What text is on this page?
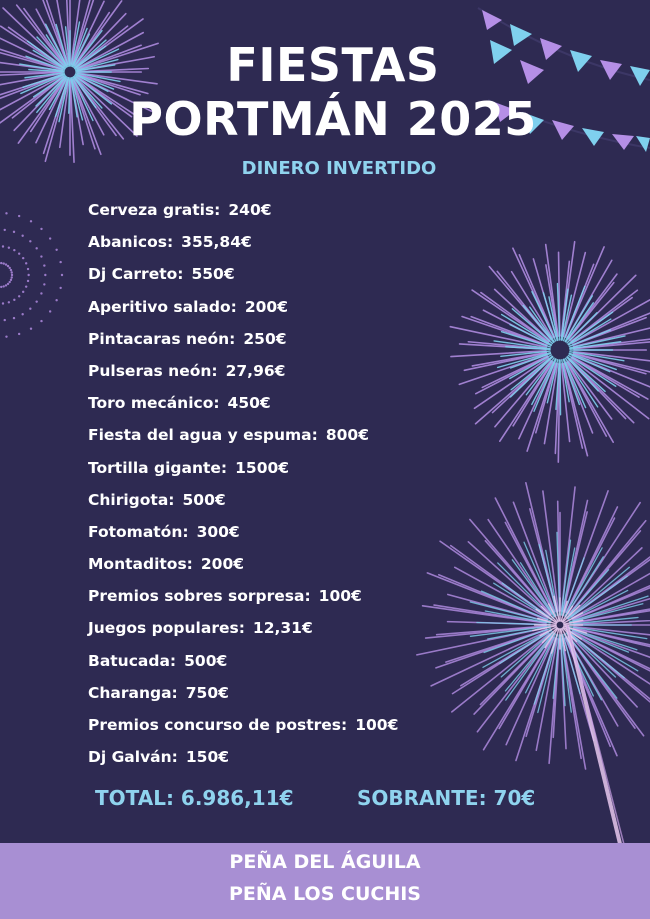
FIESTAS
PORTMÁN 2025
DINERO INVERTIDO
Cerveza gratis: 240€
Abanicos: 355,84€
Dj Carreto: 550€
Aperitivo salado: 200€
Pintacaras neón: 250€
Pulseras neón: 27,96€
Toro mecánico: 450€
Fiesta del agua y espuma: 800€
Tortilla gigante: 1500€
Chirigota: 500€
Fotomatón: 300€
Montaditos: 200€
Premios sobres sorpresa: 100€
Juegos populares: 12,31€
Batucada: 500€
Charanga: 750€
Premios concurso de postres: 100€
Dj Galván: 150€
TOTAL: 6.986,11€	SOBRANTE: 70€
PEÑA DEL ÁGUILA
PEÑA LOS CUCHIS
